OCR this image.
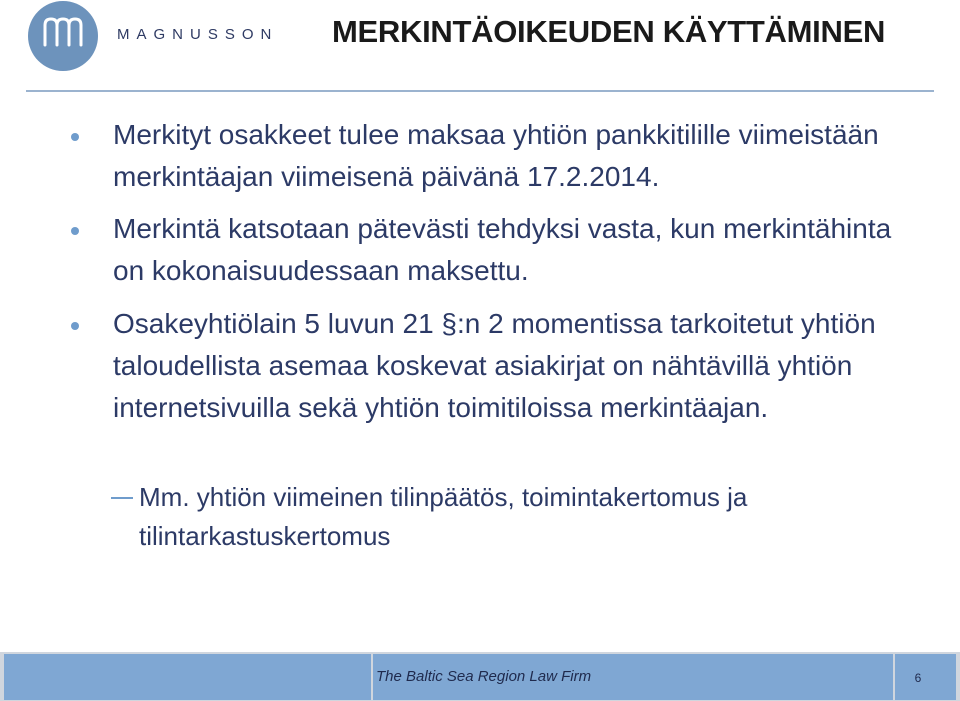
MAGNUSSON MERKINTÄOIKEUDEN KÄYTTÄMINEN

Merkityt osakkeet tulee maksaa yhtiön pankkitilille viimeistään merkintäajan viimeisenä päivänä 17.2.2014.

Merkintä katsotaan pätevästi tehdyksi vasta, kun merkintähinta on kokonaisuudessaan maksettu.

Osakeyhtiölain 5 luvun 21 §:n 2 momentissa tarkoitetut yhtiön taloudellista asemaa koskevat asiakirjat on nähtävillä yhtiön internetsivuilla sekä yhtiön toimitiloissa merkintäajan.

Mm. yhtiön viimeinen tilinpäätös, toimintakertomus ja tilintarkastuskertomus

The Baltic Sea Region Law Firm	6
